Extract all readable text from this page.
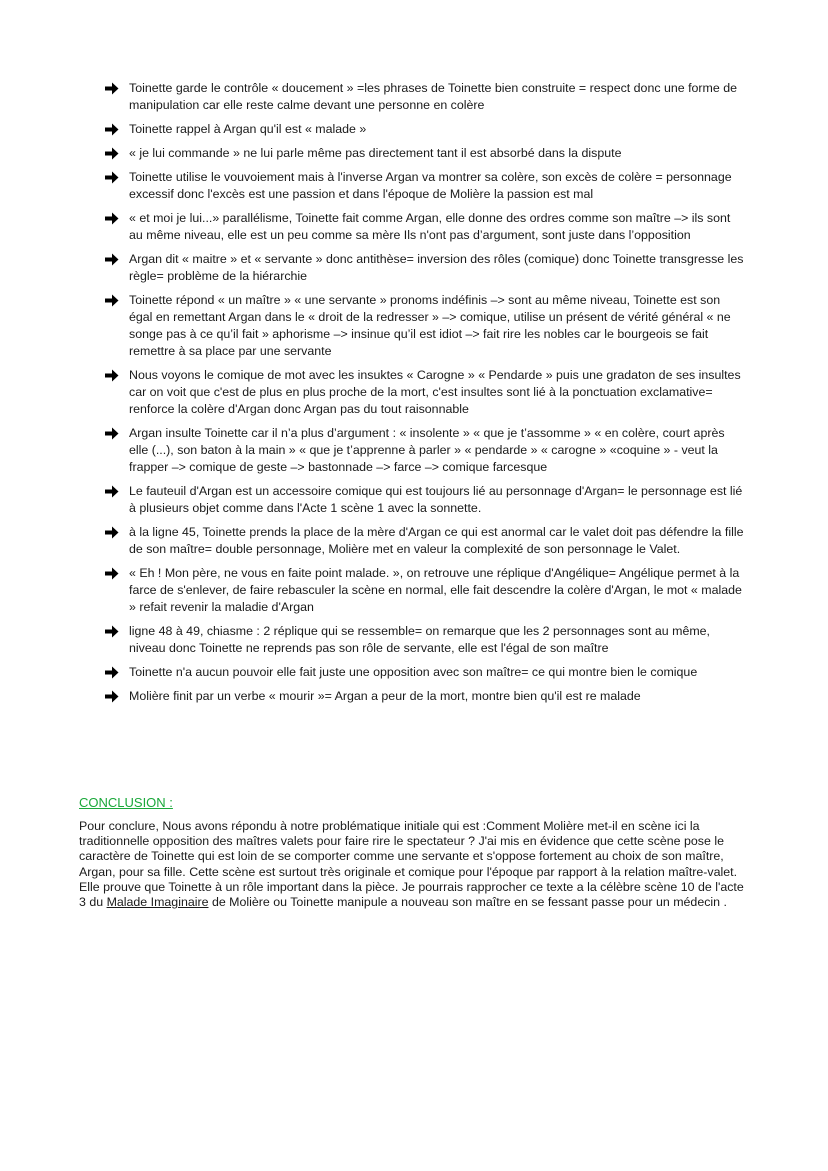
Toinette garde le contrôle « doucement » =les phrases de Toinette bien construite = respect donc une forme de manipulation car elle reste calme devant une personne en colère
Toinette rappel à Argan qu'il est « malade »
« je lui commande » ne lui parle même pas directement tant il est absorbé dans la dispute
Toinette utilise le vouvoiement mais à l'inverse Argan va montrer sa colère, son excès de colère = personnage excessif donc l'excès est une passion et dans l'époque de Molière la passion est mal
« et moi je lui...» parallélisme, Toinette fait comme Argan, elle donne des ordres comme son maître –> ils sont au même niveau, elle est un peu comme sa mère Ils n'ont pas d’argument, sont juste dans l’opposition
Argan dit « maitre » et « servante » donc antithèse= inversion des rôles (comique) donc Toinette transgresse les règle= problème de la hiérarchie
Toinette répond « un maître » « une servante » pronoms indéfinis –> sont au même niveau, Toinette est son égal en remettant Argan dans le « droit de la redresser » –> comique, utilise un présent de vérité général « ne songe pas à ce qu’il fait » aphorisme –> insinue qu’il est idiot –> fait rire les nobles car le bourgeois se fait remettre à sa place par une servante
Nous voyons le comique de mot avec les insuktes « Carogne » « Pendarde » puis une gradaton de ses insultes car on voit que c'est de plus en plus proche de la mort, c'est insultes sont lié à la ponctuation exclamative= renforce la colère d'Argan donc Argan pas du tout raisonnable
Argan insulte Toinette car il n’a plus d’argument : « insolente » « que je t’assomme » « en colère, court après elle (...), son baton à la main » « que je t’apprenne à parler » « pendarde » « carogne » «coquine » - veut la frapper –> comique de geste –> bastonnade –> farce –> comique farcesque
Le fauteuil d'Argan est un accessoire comique qui est toujours lié au personnage d'Argan= le personnage est lié à plusieurs objet comme dans l'Acte 1 scène 1 avec la sonnette.
à la ligne 45, Toinette prends la place de la mère d'Argan ce qui est anormal car le valet doit pas défendre la fille de son maître= double personnage, Molière met en valeur la complexité de son personnage le Valet.
« Eh ! Mon père, ne vous en faite point malade. », on retrouve une réplique d'Angélique= Angélique permet à la farce de s'enlever, de faire rebasculer la scène en normal, elle fait descendre la colère d'Argan, le mot « malade » refait revenir la maladie d'Argan
ligne 48 à 49, chiasme : 2 réplique qui se ressemble= on remarque que les 2 personnages sont au même, niveau donc Toinette ne reprends pas son rôle de servante, elle est l'égal de son maître
Toinette n'a aucun pouvoir elle fait juste une opposition avec son maître= ce qui montre bien le comique
Molière finit par un verbe « mourir »= Argan a peur de la mort, montre bien qu'il est re malade
CONCLUSION :

Pour conclure, Nous avons répondu à notre problématique initiale qui est :Comment Molière met-il en scène ici la traditionnelle opposition des maîtres valets pour faire rire le spectateur ? J'ai mis en évidence que cette scène pose le caractère de Toinette qui est loin de se comporter comme une servante et s'oppose fortement au choix de son maître, Argan, pour sa fille. Cette scène est surtout très originale et comique pour l'époque par rapport à la relation maître-valet. Elle prouve que Toinette à un rôle important dans la pièce. Je pourrais rapprocher ce texte a la célèbre scène 10 de l'acte 3 du Malade Imaginaire de Molière ou Toinette manipule a nouveau son maître en se fessant passe pour un médecin .
